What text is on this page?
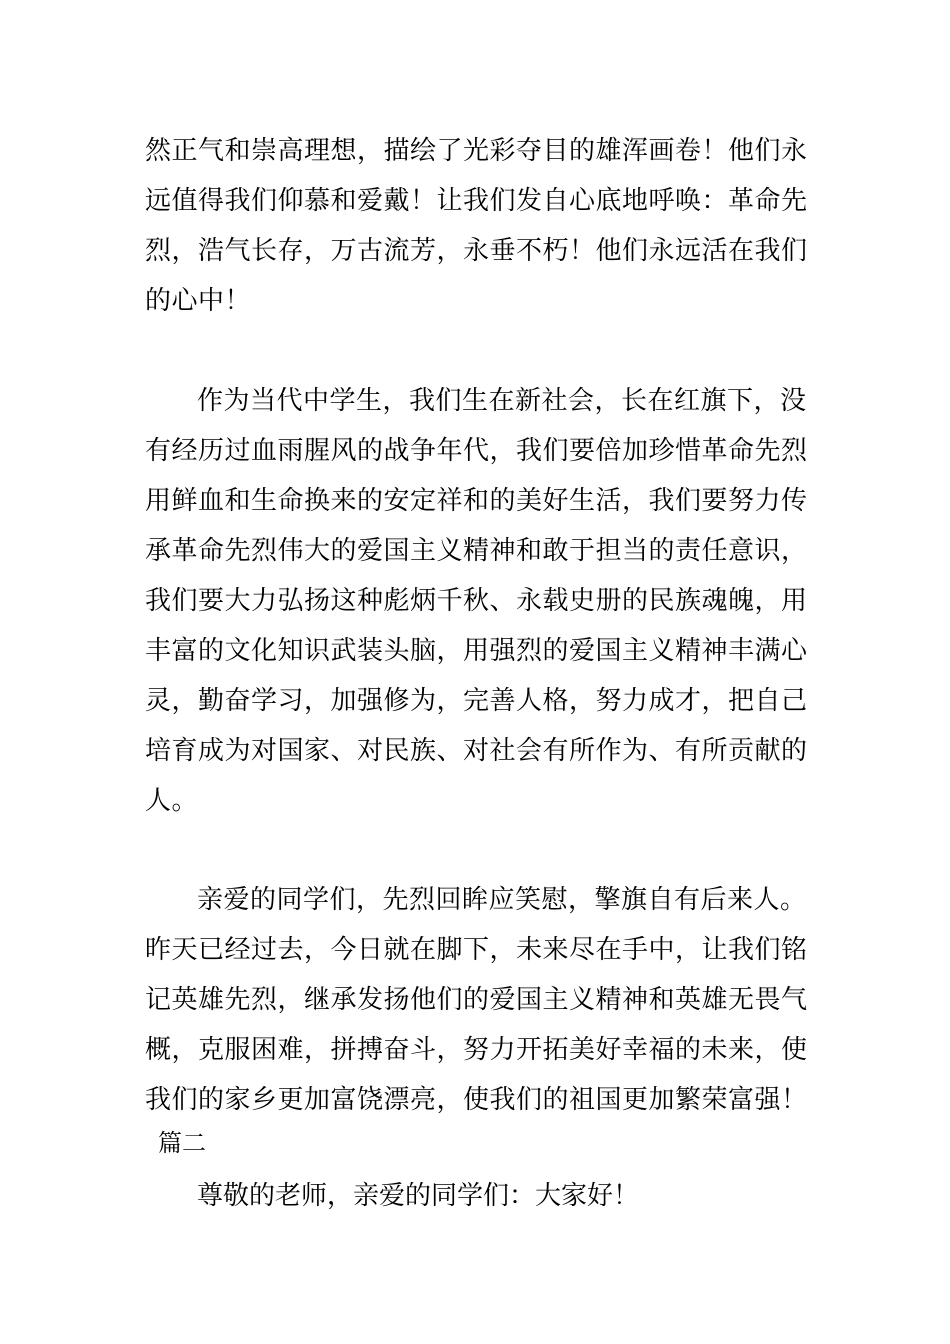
然正气和崇高理想，描绘了光彩夺目的雄浑画卷！他们永远值得我们仰慕和爱戴！让我们发自心底地呼唤：革命先烈，浩气长存，万古流芳，永垂不朽！他们永远活在我们的心中！

作为当代中学生，我们生在新社会，长在红旗下，没有经历过血雨腥风的战争年代，我们要倍加珍惜革命先烈用鲜血和生命换来的安定祥和的美好生活，我们要努力传承革命先烈伟大的爱国主义精神和敢于担当的责任意识，我们要大力弘扬这种彪炳千秋、永载史册的民族魂魄，用丰富的文化知识武装头脑，用强烈的爱国主义精神丰满心灵，勤奋学习，加强修为，完善人格，努力成才，把自己培育成为对国家、对民族、对社会有所作为、有所贡献的人。

亲爱的同学们，先烈回眸应笑慰，擎旗自有后来人。昨天已经过去，今日就在脚下，未来尽在手中，让我们铭记英雄先烈，继承发扬他们的爱国主义精神和英雄无畏气概，克服困难，拼搏奋斗，努力开拓美好幸福的未来，使我们的家乡更加富饶漂亮，使我们的祖国更加繁荣富强！

篇二

尊敬的老师，亲爱的同学们：大家好！
